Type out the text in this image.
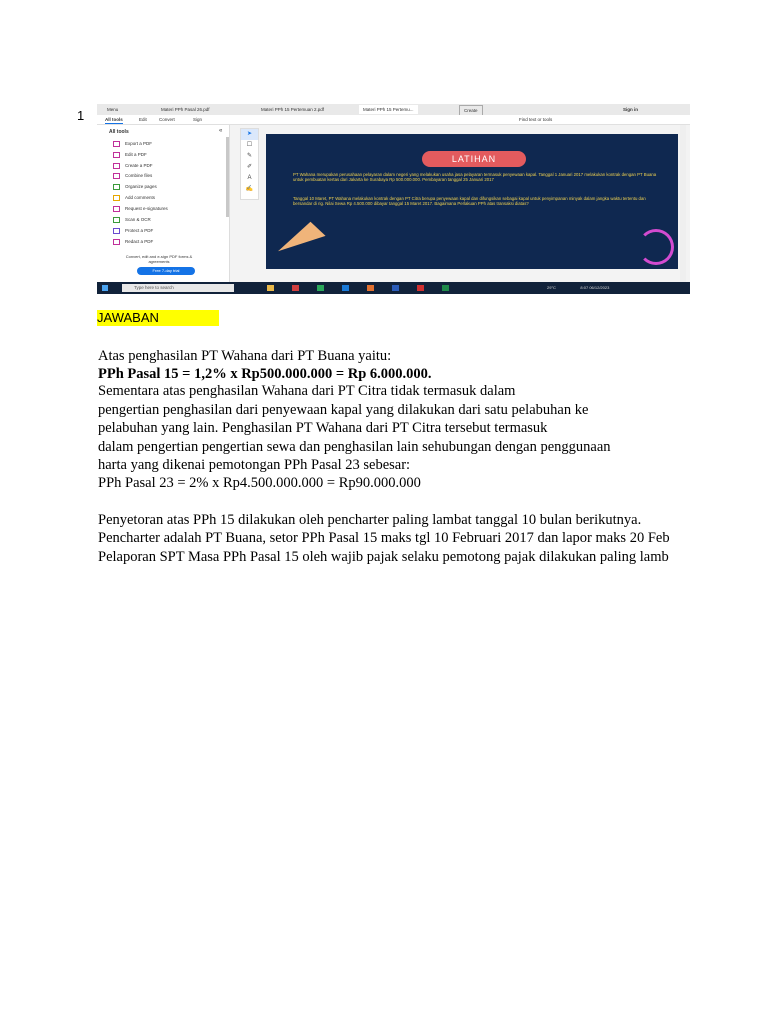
1	Menu	Materi PPh Pasal 26.pdf	Materi PPh 15 Pertemuan 2.pdf	Materi PPh 15 Pertemu...	Create	Sign in
All tools	Edit	Convert	Sign	Find text or tools
All tools	«
Export a PDF
Edit a PDF
Create a PDF
Combine files
Organize pages
Add comments
Request e-signatures
Scan & OCR
Protect a PDF
Redact a PDF
Convert, edit and e-sign PDF forms & agreements
Free 7-day trial
➤
☐
✎
✐
A
✍
LATIHAN

PT Wahana merupakan perusahaan pelayaran dalam negeri yang melakukan usaha jasa pelayaran termasuk penyewaan kapal. Tanggal 1 Januari 2017 melakukan kontrak dengan PT Buana untuk pembuatan kertas dari Jakarta ke Surabaya Rp 500.000.000. Pembayaran tanggal 25 Januari 2017

Tanggal 10 Maret, PT Wahana melakukan kontrak dengan PT Citra berupa penyewaan kapal dan difungsikan sebagai kapal untuk penyimpanan minyak dalam jangka waktu tertentu dan bersandar di rig. Nilai Sewa Rp 4.500.000 dibayar tanggal 15 Maret 2017. Bagaimana Perlakuan PPh atas transaksi diatas?

Type here to search	29°C	8:07 06/12/2023
JAWABAN
Atas penghasilan PT Wahana dari PT Buana yaitu:
PPh Pasal 15 = 1,2% x Rp500.000.000 = Rp 6.000.000.
Sementara atas penghasilan Wahana dari PT Citra tidak termasuk dalam
pengertian penghasilan dari penyewaan kapal yang dilakukan dari satu pelabuhan ke
pelabuhan yang lain. Penghasilan PT Wahana dari PT Citra tersebut termasuk
dalam pengertian pengertian sewa dan penghasilan lain sehubungan dengan penggunaan
harta yang dikenai pemotongan PPh Pasal 23 sebesar:
PPh Pasal 23 = 2% x Rp4.500.000.000 = Rp90.000.000
Penyetoran atas PPh 15 dilakukan oleh pencharter paling lambat tanggal 10 bulan berikutnya.
Pencharter adalah PT Buana, setor PPh Pasal 15 maks tgl 10 Februari 2017 dan lapor maks 20 Feb
Pelaporan SPT Masa PPh Pasal 15 oleh wajib pajak selaku pemotong pajak dilakukan paling lamb
